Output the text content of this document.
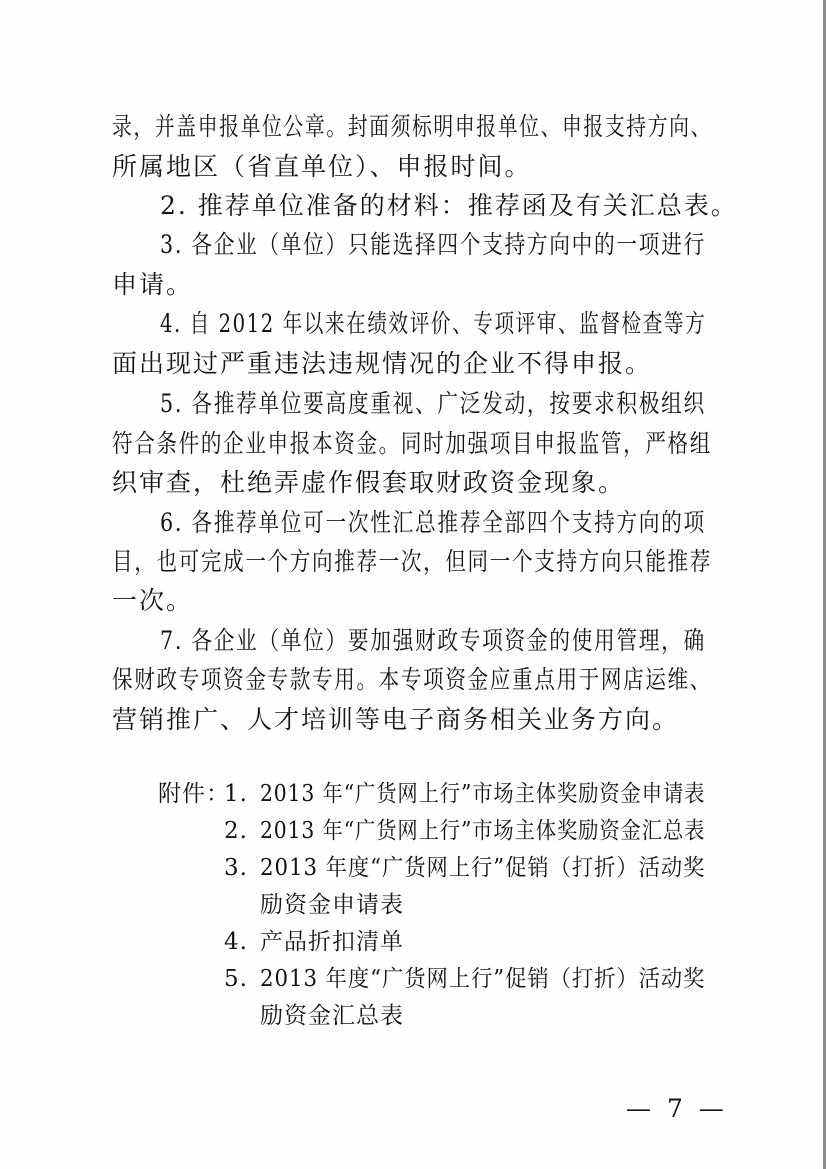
录，并盖申报单位公章。封面须标明申报单位、申报支持方向、
所属地区（省直单位）、申报时间。
2. 推荐单位准备的材料：推荐函及有关汇总表。
3. 各企业（单位）只能选择四个支持方向中的一项进行
申请。
4. 自 2012 年以来在绩效评价、专项评审、监督检查等方
面出现过严重违法违规情况的企业不得申报。
5. 各推荐单位要高度重视、广泛发动，按要求积极组织
符合条件的企业申报本资金。同时加强项目申报监管，严格组
织审查，杜绝弄虚作假套取财政资金现象。
6. 各推荐单位可一次性汇总推荐全部四个支持方向的项
目，也可完成一个方向推荐一次，但同一个支持方向只能推荐
一次。
7. 各企业（单位）要加强财政专项资金的使用管理，确
保财政专项资金专款专用。本专项资金应重点用于网店运维、
营销推广、人才培训等电子商务相关业务方向。
附件：
1. 2013 年“广货网上行”市场主体奖励资金申请表
2. 2013 年“广货网上行”市场主体奖励资金汇总表
3. 2013 年度“广货网上行”促销（打折）活动奖
励资金申请表
4. 产品折扣清单
5. 2013 年度“广货网上行”促销（打折）活动奖
励资金汇总表
— 7 —
